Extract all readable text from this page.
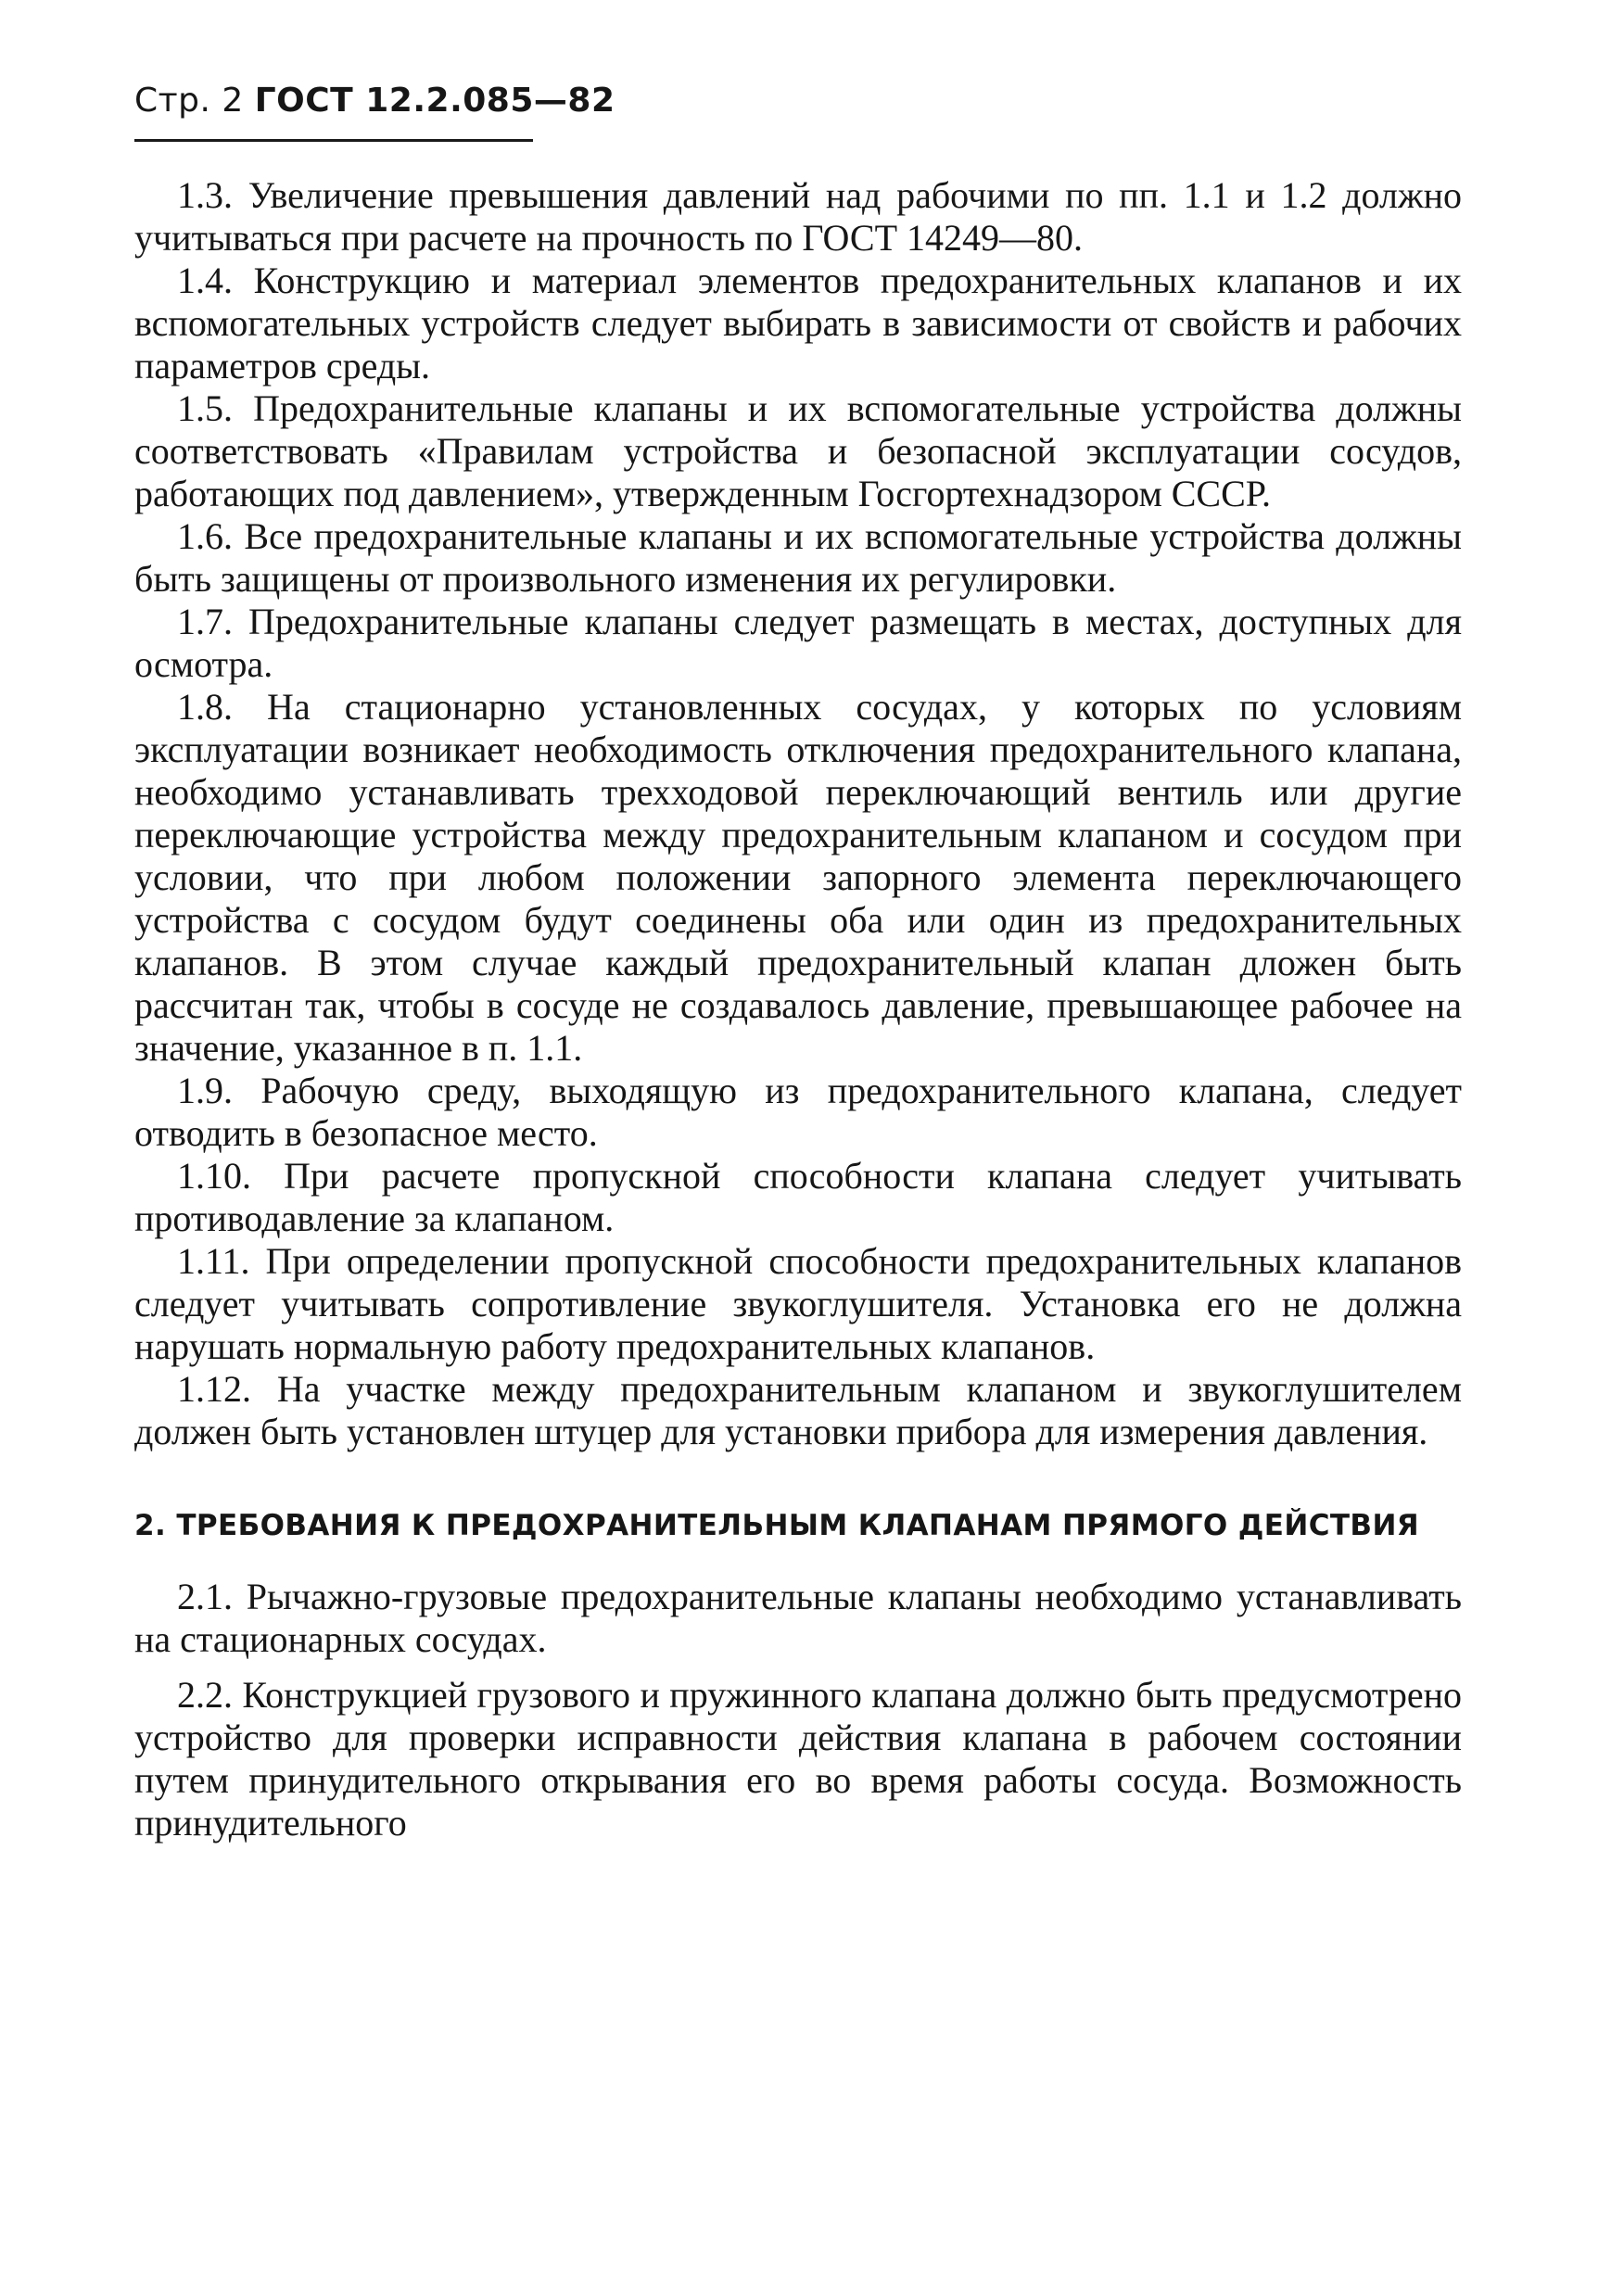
Стр. 2 ГОСТ 12.2.085—82

1.3. Увеличение превышения давлений над рабочими по пп. 1.1 и 1.2 должно учитываться при расчете на прочность по ГОСТ 14249—80.

1.4. Конструкцию и материал элементов предохранительных клапанов и их вспомогательных устройств следует выбирать в зависимости от свойств и рабочих параметров среды.

1.5. Предохранительные клапаны и их вспомогательные устройства должны соответствовать «Правилам устройства и безопасной эксплуатации сосудов, работающих под давлением», утвержденным Госгортехнадзором СССР.

1.6. Все предохранительные клапаны и их вспомогательные устройства должны быть защищены от произвольного изменения их регулировки.

1.7. Предохранительные клапаны следует размещать в местах, доступных для осмотра.

1.8. На стационарно установленных сосудах, у которых по условиям эксплуатации возникает необходимость отключения предохранительного клапана, необходимо устанавливать трехходовой переключающий вентиль или другие переключающие устройства между предохранительным клапаном и сосудом при условии, что при любом положении запорного элемента переключающего устройства с сосудом будут соединены оба или один из предохранительных клапанов. В этом случае каждый предохранительный клапан дложен быть рассчитан так, чтобы в сосуде не создавалось давление, превышающее рабочее на значение, указанное в п. 1.1.

1.9. Рабочую среду, выходящую из предохранительного клапана, следует отводить в безопасное место.

1.10. При расчете пропускной способности клапана следует учитывать противодавление за клапаном.

1.11. При определении пропускной способности предохранительных клапанов следует учитывать сопротивление звукоглушителя. Установка его не должна нарушать нормальную работу предохранительных клапанов.

1.12. На участке между предохранительным клапаном и звукоглушителем должен быть установлен штуцер для установки прибора для измерения давления.

2. ТРЕБОВАНИЯ К ПРЕДОХРАНИТЕЛЬНЫМ КЛАПАНАМ ПРЯМОГО ДЕЙСТВИЯ

2.1. Рычажно-грузовые предохранительные клапаны необходимо устанавливать на стационарных сосудах.

2.2. Конструкцией грузового и пружинного клапана должно быть предусмотрено устройство для проверки исправности действия клапана в рабочем состоянии путем принудительного открывания его во время работы сосуда. Возможность принудительного
